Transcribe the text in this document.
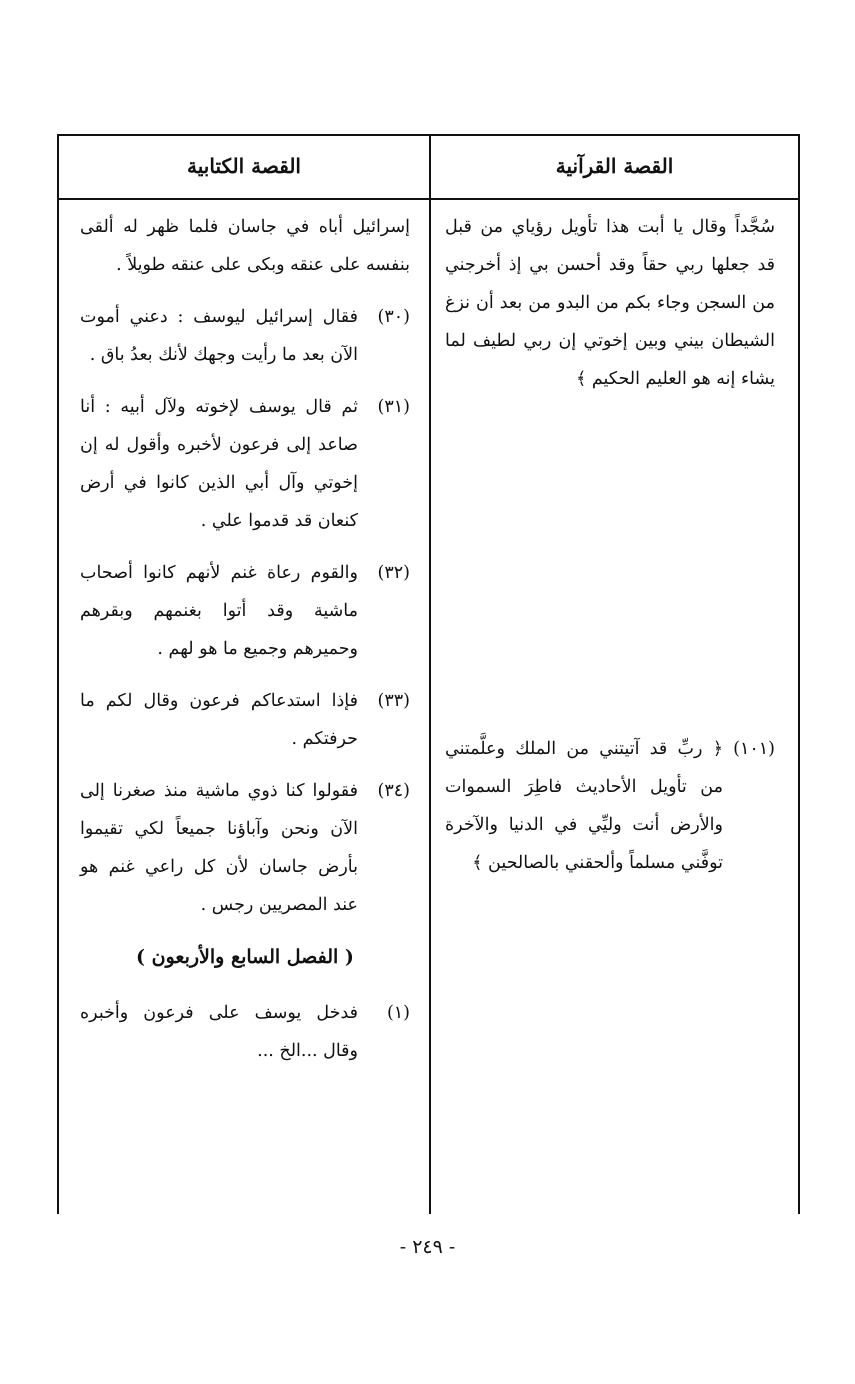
القصة القرآنية
القصة الكتابية
سُجَّداً وقال يا أبت هذا تأويل رؤياي من قبل قد جعلها ربي حقاً وقد أحسن بي إذ أخرجني من السجن وجاء بكم من البدو من بعد أن نزغ الشيطان بيني وبين إخوتي إن ربي لطيف لما يشاء إنه هو العليم الحكيم ﴾
(١٠١)
﴿ ربِّ قد آتيتني من الملك وعلَّمتني من تأويل الأحاديث فاطِرَ السموات والأرض أنت وليِّي في الدنيا والآخرة توفَّني مسلماً وألحقني بالصالحين ﴾
إسرائيل أباه في جاسان فلما ظهر له ألقى بنفسه على عنقه وبكى على عنقه طويلاً .
(٣٠)
فقال إسرائيل ليوسف : دعني أموت الآن بعد ما رأيت وجهك لأنك بعدُ باق .
(٣١)
ثم قال يوسف لإخوته ولآل أبيه : أنا صاعد إلى فرعون لأخبره وأقول له إن إخوتي وآل أبي الذين كانوا في أرض كنعان قد قدموا علي .
(٣٢)
والقوم رعاة غنم لأنهم كانوا أصحاب ماشية وقد أتوا بغنمهم وبقرهم وحميرهم وجميع ما هو لهم .
(٣٣)
فإذا استدعاكم فرعون وقال لكم ما حرفتكم .
(٣٤)
فقولوا كنا ذوي ماشية منذ صغرنا إلى الآن ونحن وآباؤنا جميعاً لكي تقيموا بأرض جاسان لأن كل راعي غنم هو عند المصريين رجس .
( الفصل السابع والأربعون )
(١)
فدخل يوسف على فرعون وأخبره وقال ...الخ ...
- ٢٤٩ -
